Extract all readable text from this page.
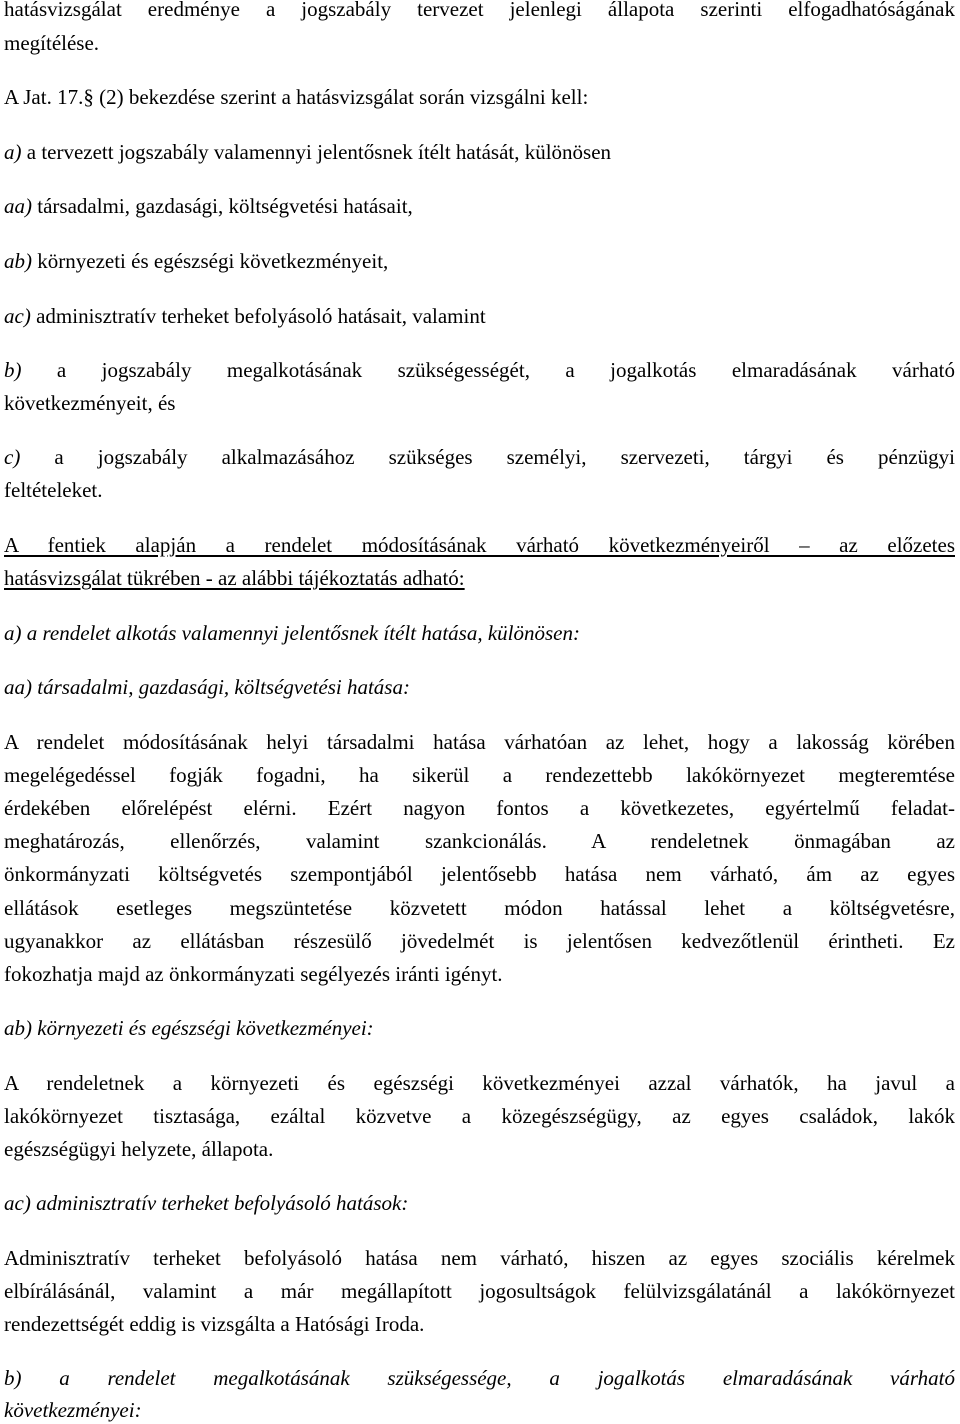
hatásvizsgálat eredménye a jogszabály tervezet jelenlegi állapota szerinti elfogadhatóságának
megítélése.
A Jat. 17.§ (2) bekezdése szerint a hatásvizsgálat során vizsgálni kell:
a) a tervezett jogszabály valamennyi jelentősnek ítélt hatását, különösen
aa) társadalmi, gazdasági, költségvetési hatásait,
ab) környezeti és egészségi következményeit,
ac) adminisztratív terheket befolyásoló hatásait, valamint
b) a jogszabály megalkotásának szükségességét, a jogalkotás elmaradásának várható
következményeit, és
c) a jogszabály alkalmazásához szükséges személyi, szervezeti, tárgyi és pénzügyi
feltételeket.
A fentiek alapján a rendelet módosításának várható következményeiről – az előzetes
hatásvizsgálat tükrében - az alábbi tájékoztatás adható:
a) a rendelet alkotás valamennyi jelentősnek ítélt hatása, különösen:
aa) társadalmi, gazdasági, költségvetési hatása:
A rendelet módosításának helyi társadalmi hatása várhatóan az lehet, hogy a lakosság körében
megelégedéssel fogják fogadni, ha sikerül a rendezettebb lakókörnyezet megteremtése
érdekében előrelépést elérni. Ezért nagyon fontos a következetes, egyértelmű feladat-
meghatározás, ellenőrzés, valamint szankcionálás. A rendeletnek önmagában az
önkormányzati költségvetés szempontjából jelentősebb hatása nem várható, ám az egyes
ellátások esetleges megszüntetése közvetett módon hatással lehet a költségvetésre,
ugyanakkor az ellátásban részesülő jövedelmét is jelentősen kedvezőtlenül érintheti. Ez
fokozhatja majd az önkormányzati segélyezés iránti igényt.
ab) környezeti és egészségi következményei:
A rendeletnek a környezeti és egészségi következményei azzal várhatók, ha javul a
lakókörnyezet tisztasága, ezáltal közvetve a közegészségügy, az egyes családok, lakók
egészségügyi helyzete, állapota.
ac) adminisztratív terheket befolyásoló hatások:
Adminisztratív terheket befolyásoló hatása nem várható, hiszen az egyes szociális kérelmek
elbírálásánál, valamint a már megállapított jogosultságok felülvizsgálatánál a lakókörnyezet
rendezettségét eddig is vizsgálta a Hatósági Iroda.
b) a rendelet megalkotásának szükségessége, a jogalkotás elmaradásának várható
következményei:
